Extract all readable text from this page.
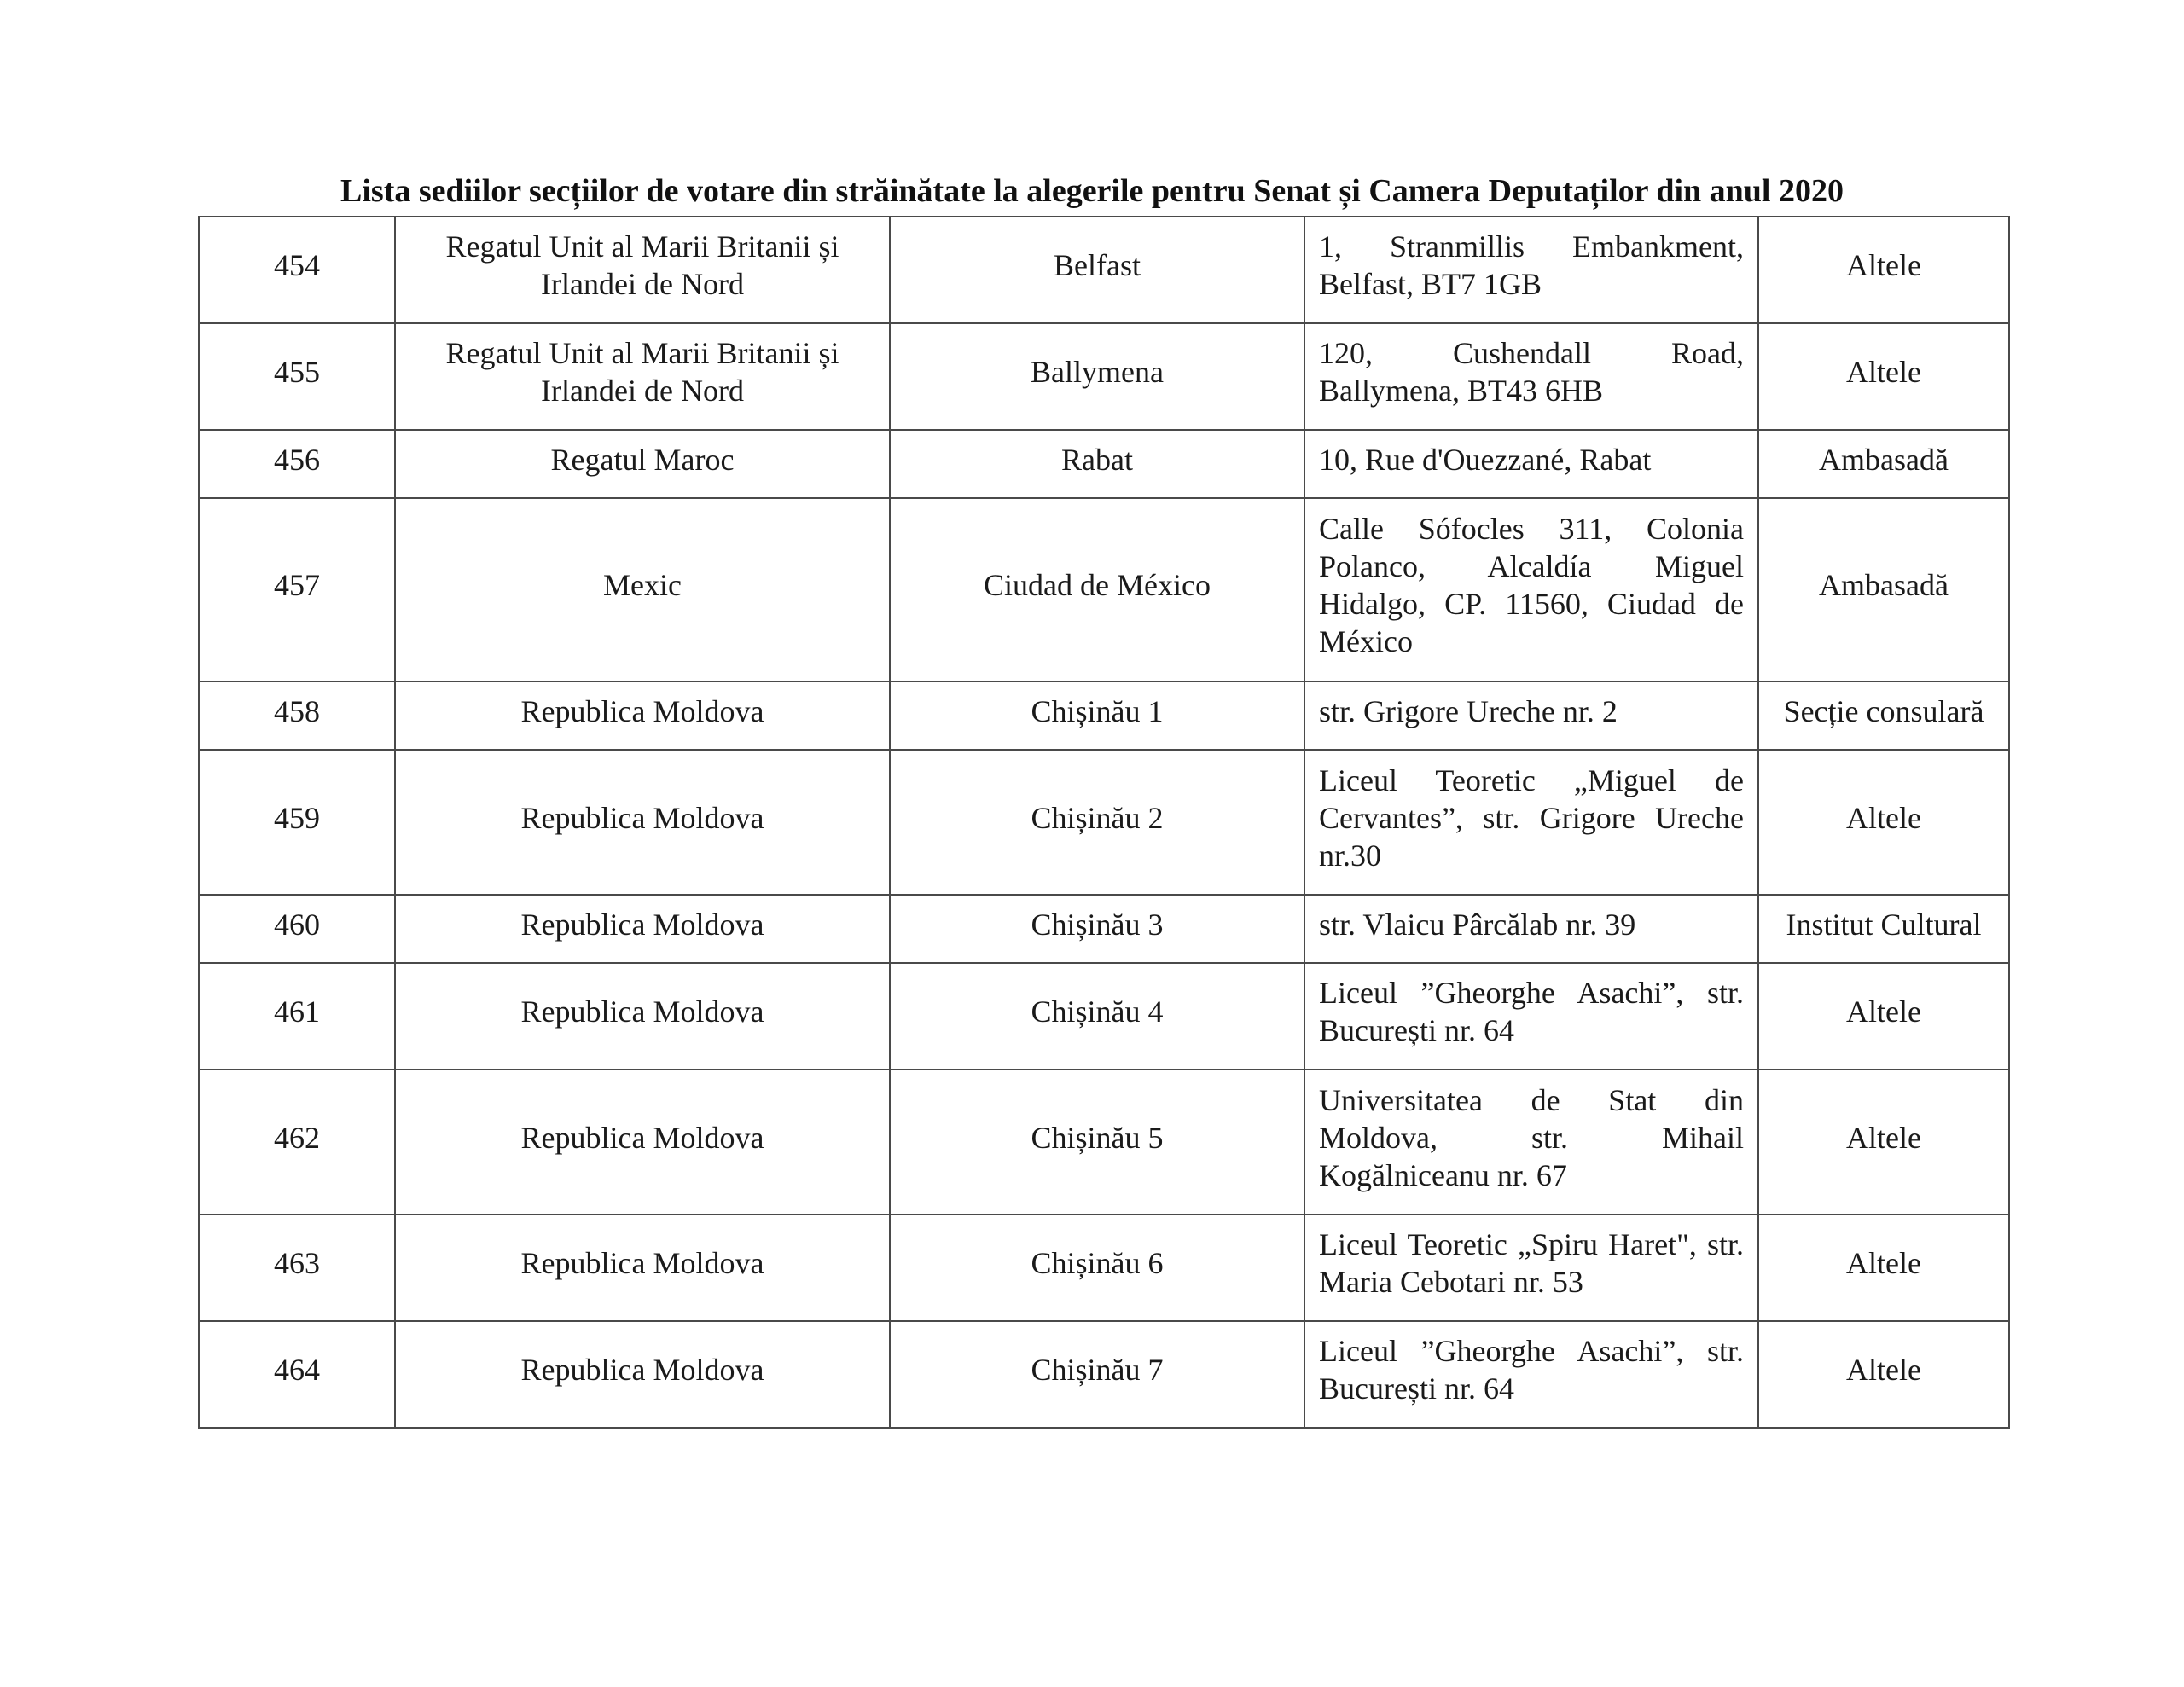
Lista sediilor secțiilor de votare din străinătate la alegerile pentru Senat și Camera Deputaților din anul 2020
454	Regatul Unit al Marii Britanii și Irlandei de Nord	Belfast	1, Stranmillis Embankment, Belfast, BT7 1GB	Altele
455	Regatul Unit al Marii Britanii și Irlandei de Nord	Ballymena	120, Cushendall Road, Ballymena, BT43 6HB	Altele
456	Regatul Maroc	Rabat	10, Rue d'Ouezzané, Rabat	Ambasadă
457	Mexic	Ciudad de México	Calle Sófocles 311, Colonia Polanco, Alcaldía Miguel Hidalgo, CP. 11560, Ciudad de México	Ambasadă
458	Republica Moldova	Chișinău 1	str. Grigore Ureche nr. 2	Secție consulară
459	Republica Moldova	Chișinău 2	Liceul Teoretic „Miguel de Cervantes”, str. Grigore Ureche nr.30	Altele
460	Republica Moldova	Chișinău 3	str. Vlaicu Pârcălab nr. 39	Institut Cultural
461	Republica Moldova	Chișinău 4	Liceul ”Gheorghe Asachi”, str. București nr. 64	Altele
462	Republica Moldova	Chișinău 5	Universitatea de Stat din Moldova, str. Mihail Kogălniceanu nr. 67	Altele
463	Republica Moldova	Chișinău 6	Liceul Teoretic „Spiru Haret", str. Maria Cebotari nr. 53	Altele
464	Republica Moldova	Chișinău 7	Liceul ”Gheorghe Asachi”, str. București nr. 64	Altele
